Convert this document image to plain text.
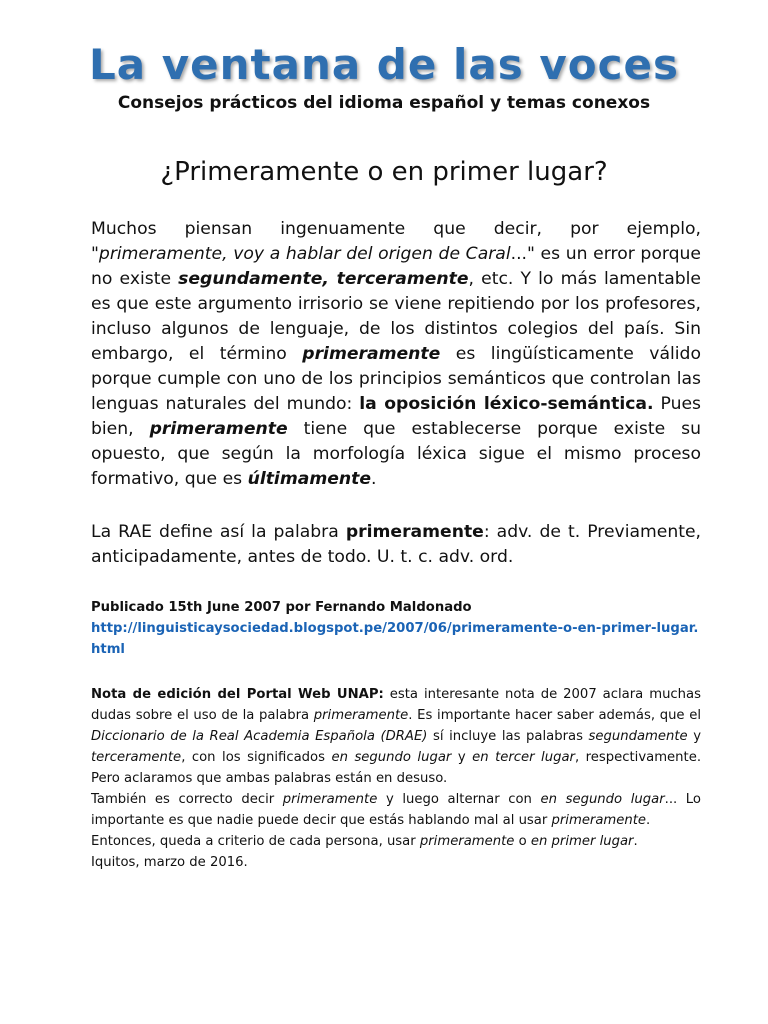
La ventana de las voces
Consejos prácticos del idioma español y temas conexos
¿Primeramente o en primer lugar?
Muchos piensan ingenuamente que decir, por ejemplo, "primeramente, voy a hablar del origen de Caral..." es un error porque no existe segundamente, terceramente, etc. Y lo más lamentable es que este argumento irrisorio se viene repitiendo por los profesores, incluso algunos de lenguaje, de los distintos colegios del país. Sin embargo, el término primeramente es lingüísticamente válido porque cumple con uno de los principios semánticos que controlan las lenguas naturales del mundo: la oposición léxico-semántica. Pues bien, primeramente tiene que establecerse porque existe su opuesto, que según la morfología léxica sigue el mismo proceso formativo, que es últimamente.
La RAE define así la palabra primeramente: adv. de t. Previamente, anticipadamente, antes de todo. U. t. c. adv. ord.
Publicado 15th June 2007 por Fernando Maldonado
http://linguisticaysociedad.blogspot.pe/2007/06/primeramente-o-en-primer-lugar.html

Nota de edición del Portal Web UNAP: esta interesante nota de 2007 aclara muchas dudas sobre el uso de la palabra primeramente. Es importante hacer saber además, que el Diccionario de la Real Academia Española (DRAE) sí incluye las palabras segundamente y terceramente, con los significados en segundo lugar y en tercer lugar, respectivamente. Pero aclaramos que ambas palabras están en desuso.

También es correcto decir primeramente y luego alternar con en segundo lugar... Lo importante es que nadie puede decir que estás hablando mal al usar primeramente.

Entonces, queda a criterio de cada persona, usar primeramente o en primer lugar.

Iquitos, marzo de 2016.
